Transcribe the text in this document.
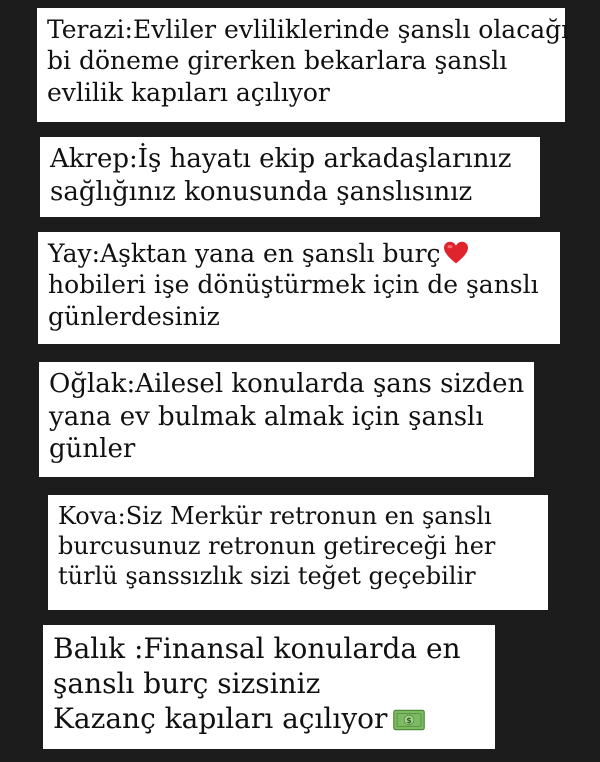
Terazi:Evliler evliliklerinde şanslı olacağı
bi döneme girerken bekarlara şanslı
evlilik kapıları açılıyor
Akrep:İş hayatı ekip arkadaşlarınız
sağlığınız konusunda şanslısınız
Yay:Aşktan yana en şanslı burç
hobileri işe dönüştürmek için de şanslı
günlerdesiniz
Oğlak:Ailesel konularda şans sizden
yana ev bulmak almak için şanslı
günler
Kova:Siz Merkür retronun en şanslı
burcusunuz retronun getireceği her
türlü şanssızlık sizi teğet geçebilir
Balık :Finansal konularda en
şanslı burç sizsiniz
Kazanç kapıları açılıyor $
